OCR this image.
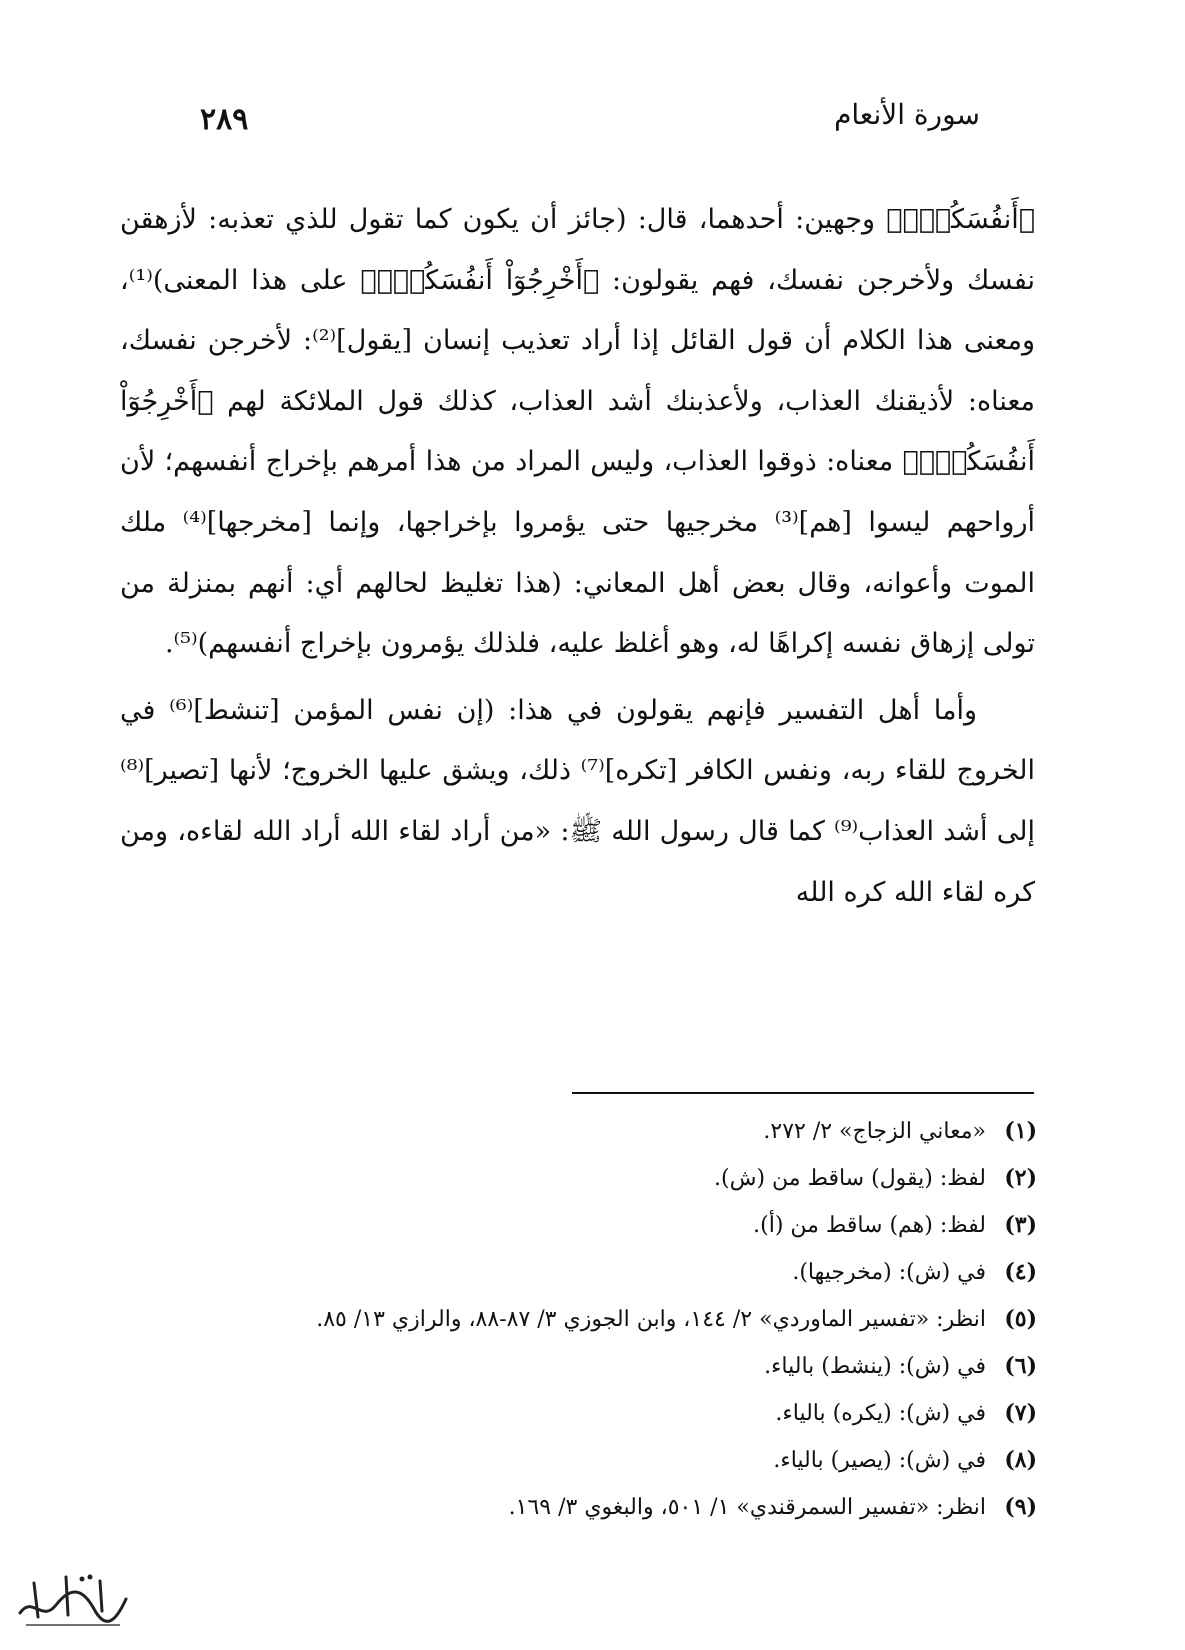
سورة الأنعام
٢٨٩

﴿أَنفُسَكُمُۖ﴾ وجهين: أحدهما، قال: (جائز أن يكون كما تقول للذي تعذبه: لأزهقن نفسك ولأخرجن نفسك، فهم يقولون: ﴿أَخْرِجُوٓاْ أَنفُسَكُمُۖ﴾ على هذا المعنى)⁽¹⁾، ومعنى هذا الكلام أن قول القائل إذا أراد تعذيب إنسان [يقول]⁽²⁾: لأخرجن نفسك، معناه: لأذيقنك العذاب، ولأعذبنك أشد العذاب، كذلك قول الملائكة لهم ﴿أَخْرِجُوٓاْ أَنفُسَكُمُۖ﴾ معناه: ذوقوا العذاب، وليس المراد من هذا أمرهم بإخراج أنفسهم؛ لأن أرواحهم ليسوا [هم]⁽³⁾ مخرجيها حتى يؤمروا بإخراجها، وإنما [مخرجها]⁽⁴⁾ ملك الموت وأعوانه، وقال بعض أهل المعاني: (هذا تغليظ لحالهم أي: أنهم بمنزلة من تولى إزهاق نفسه إكراهًا له، وهو أغلظ عليه، فلذلك يؤمرون بإخراج أنفسهم)⁽⁵⁾.

وأما أهل التفسير فإنهم يقولون في هذا: (إن نفس المؤمن [تنشط]⁽⁶⁾ في الخروج للقاء ربه، ونفس الكافر [تكره]⁽⁷⁾ ذلك، ويشق عليها الخروج؛ لأنها [تصير]⁽⁸⁾ إلى أشد العذاب⁽⁹⁾ كما قال رسول الله ﷺ: «من أراد لقاء الله أراد الله لقاءه، ومن كره لقاء الله كره الله

(١) «معاني الزجاج» ٢/ ٢٧٢.
(٢) لفظ: (يقول) ساقط من (ش).
(٣) لفظ: (هم) ساقط من (أ).
(٤) في (ش): (مخرجيها).
(٥) انظر: «تفسير الماوردي» ٢/ ١٤٤، وابن الجوزي ٣/ ٨٧-٨٨، والرازي ١٣/ ٨٥.
(٦) في (ش): (ينشط) بالياء.
(٧) في (ش): (يكره) بالياء.
(٨) في (ش): (يصير) بالياء.
(٩) انظر: «تفسير السمرقندي» ١/ ٥٠١، والبغوي ٣/ ١٦٩.
